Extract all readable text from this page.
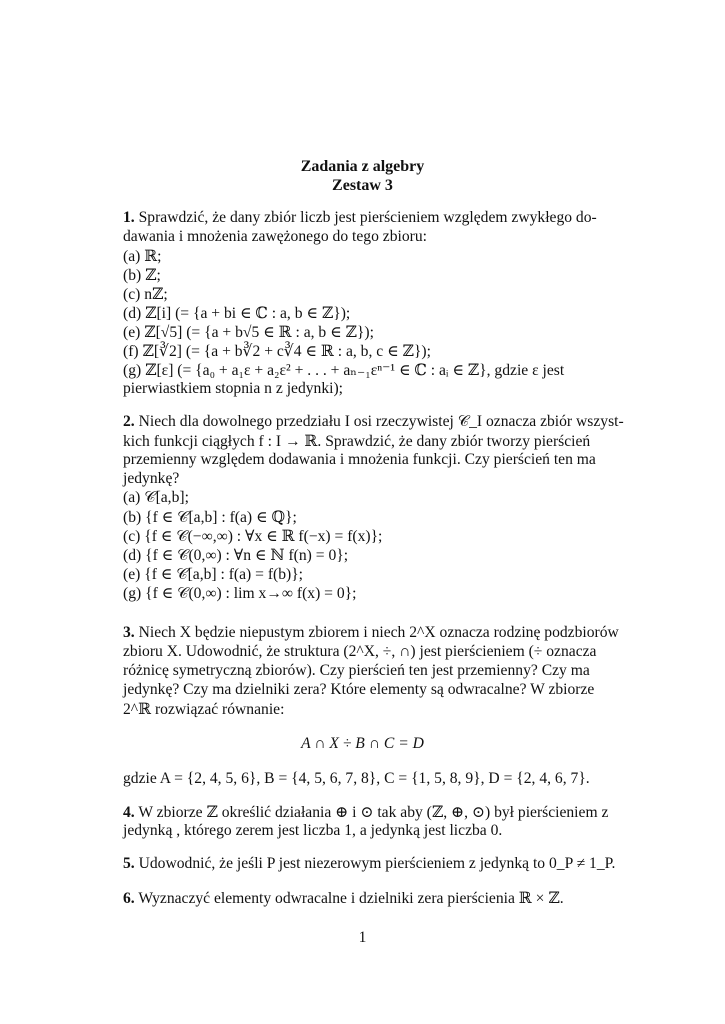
Zadania z algebry
Zestaw 3
1. Sprawdzić, że dany zbiór liczb jest pierścieniem względem zwykłego do-
dawania i mnożenia zawężonego do tego zbioru:
(a) ℝ;
(b) ℤ;
(c) nℤ;
(d) ℤ[i] (= {a + bi ∈ ℂ : a, b ∈ ℤ});
(e) ℤ[√5] (= {a + b√5 ∈ ℝ : a, b ∈ ℤ});
(f) ℤ[∛2] (= {a + b∛2 + c∛4 ∈ ℝ : a, b, c ∈ ℤ});
(g) ℤ[ε] (= {a₀ + a₁ε + a₂ε² + . . . + aₙ₋₁εⁿ⁻¹ ∈ ℂ : aᵢ ∈ ℤ}, gdzie ε jest
pierwiastkiem stopnia n z jedynki);
2. Niech dla dowolnego przedziału I osi rzeczywistej 𝒞_I oznacza zbiór wszyst-
kich funkcji ciągłych f : I → ℝ. Sprawdzić, że dany zbiór tworzy pierścień
przemienny względem dodawania i mnożenia funkcji. Czy pierścień ten ma
jedynkę?
(a) 𝒞[a,b];
(b) {f ∈ 𝒞[a,b] : f(a) ∈ ℚ};
(c) {f ∈ 𝒞(−∞,∞) : ∀x ∈ ℝ f(−x) = f(x)};
(d) {f ∈ 𝒞(0,∞) : ∀n ∈ ℕ f(n) = 0};
(e) {f ∈ 𝒞[a,b] : f(a) = f(b)};
(g) {f ∈ 𝒞(0,∞) : lim x→∞ f(x) = 0};
3. Niech X będzie niepustym zbiorem i niech 2^X oznacza rodzinę podzbiorów
zbioru X. Udowodnić, że struktura (2^X, ÷, ∩) jest pierścieniem (÷ oznacza
różnicę symetryczną zbiorów). Czy pierścień ten jest przemienny? Czy ma
jedynkę? Czy ma dzielniki zera? Które elementy są odwracalne? W zbiorze
2^ℝ rozwiązać równanie:
A ∩ X ÷ B ∩ C = D
gdzie A = {2, 4, 5, 6}, B = {4, 5, 6, 7, 8}, C = {1, 5, 8, 9}, D = {2, 4, 6, 7}.
4. W zbiorze ℤ określić działania ⊕ i ⊙ tak aby (ℤ, ⊕, ⊙) był pierścieniem z
jedynką , którego zerem jest liczba 1, a jedynką jest liczba 0.
5. Udowodnić, że jeśli P jest niezerowym pierścieniem z jedynką to 0_P ≠ 1_P.
6. Wyznaczyć elementy odwracalne i dzielniki zera pierścienia ℝ × ℤ.
1
